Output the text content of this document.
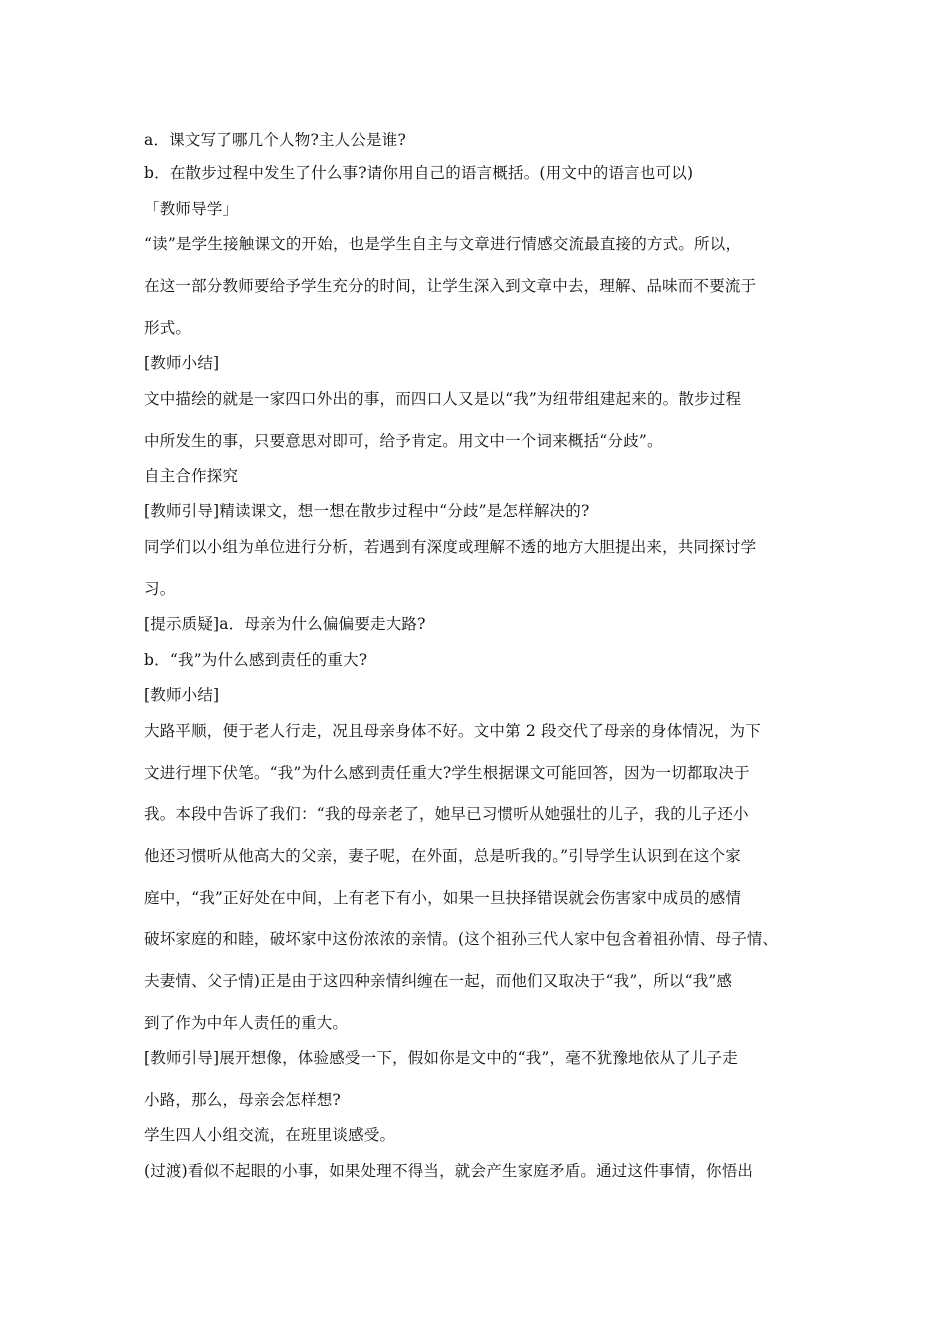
a．课文写了哪几个人物?主人公是谁?
b．在散步过程中发生了什么事?请你用自己的语言概括。(用文中的语言也可以)
「教师导学」
“读”是学生接触课文的开始，也是学生自主与文章进行情感交流最直接的方式。所以，
在这一部分教师要给予学生充分的时间，让学生深入到文章中去，理解、品味而不要流于
形式。
[教师小结]
文中描绘的就是一家四口外出的事，而四口人又是以“我”为纽带组建起来的。散步过程
中所发生的事，只要意思对即可，给予肯定。用文中一个词来概括“分歧”。
自主合作探究
[教师引导]精读课文，想一想在散步过程中“分歧”是怎样解决的?
同学们以小组为单位进行分析，若遇到有深度或理解不透的地方大胆提出来，共同探讨学
习。
[提示质疑]a．母亲为什么偏偏要走大路?
b．“我”为什么感到责任的重大?
[教师小结]
大路平顺，便于老人行走，况且母亲身体不好。文中第 2 段交代了母亲的身体情况，为下
文进行埋下伏笔。“我”为什么感到责任重大?学生根据课文可能回答，因为一切都取决于
我。本段中告诉了我们：“我的母亲老了，她早已习惯听从她强壮的儿子，我的儿子还小
他还习惯听从他高大的父亲，妻子呢，在外面，总是听我的。”引导学生认识到在这个家
庭中，“我”正好处在中间，上有老下有小，如果一旦抉择错误就会伤害家中成员的感情
破坏家庭的和睦，破坏家中这份浓浓的亲情。(这个祖孙三代人家中包含着祖孙情、母子情、
夫妻情、父子情)正是由于这四种亲情纠缠在一起，而他们又取决于“我”，所以“我”感
到了作为中年人责任的重大。
[教师引导]展开想像，体验感受一下，假如你是文中的“我”，毫不犹豫地依从了儿子走
小路，那么，母亲会怎样想?
学生四人小组交流，在班里谈感受。
(过渡)看似不起眼的小事，如果处理不得当，就会产生家庭矛盾。通过这件事情，你悟出
